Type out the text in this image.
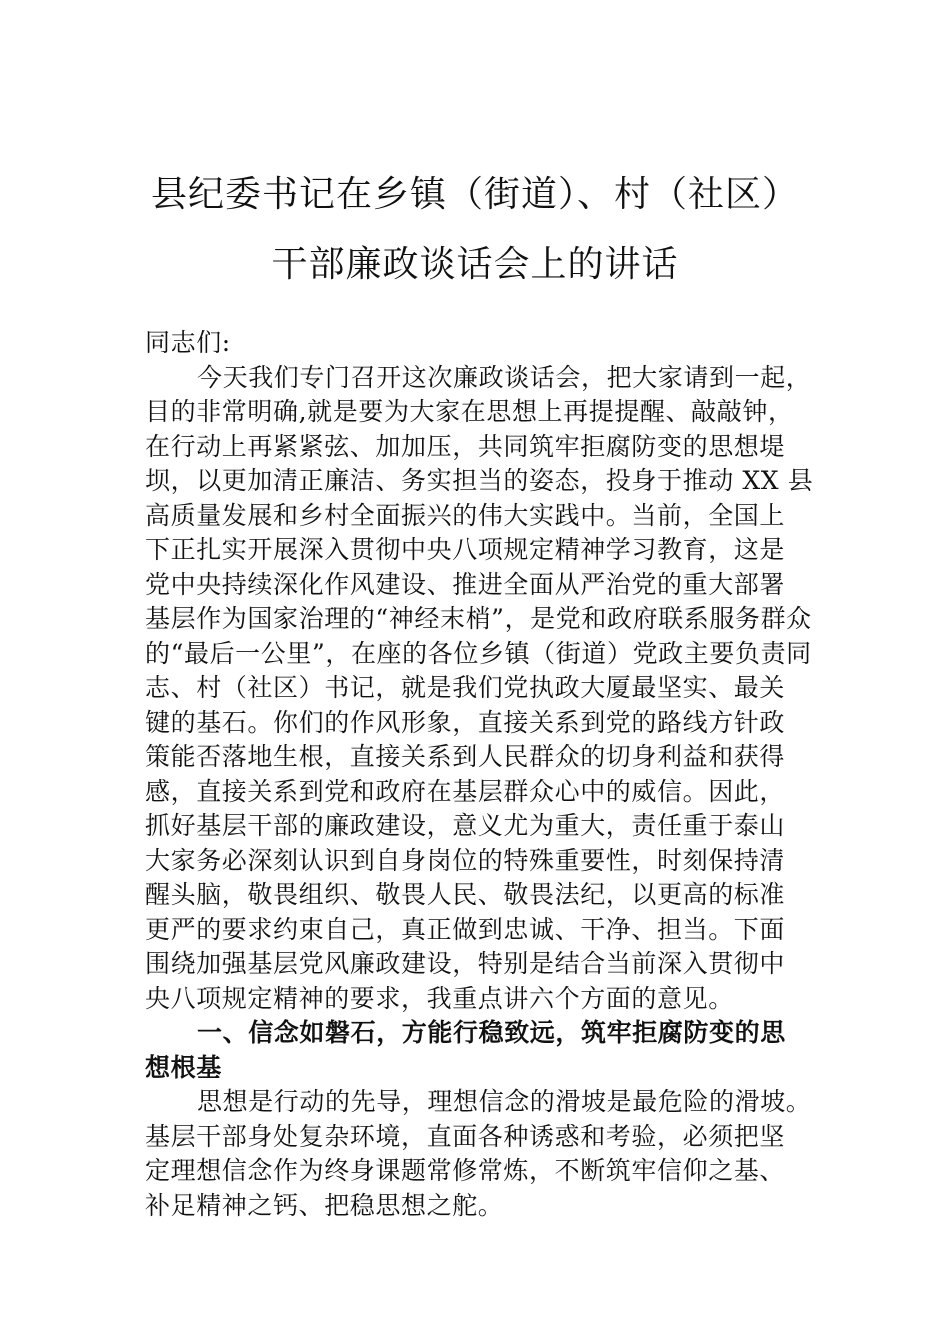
县纪委书记在乡镇（街道）、村（社区）
干部廉政谈话会上的讲话
同志们:
今天我们专门召开这次廉政谈话会，把大家请到一起，
目的非常明确,就是要为大家在思想上再提提醒、敲敲钟，
在行动上再紧紧弦、加加压，共同筑牢拒腐防变的思想堤
坝，以更加清正廉洁、务实担当的姿态，投身于推动 XX 县
高质量发展和乡村全面振兴的伟大实践中。当前，全国上
下正扎实开展深入贯彻中央八项规定精神学习教育，这是
党中央持续深化作风建设、推进全面从严治党的重大部署
基层作为国家治理的“神经末梢”，是党和政府联系服务群众
的“最后一公里”，在座的各位乡镇（街道）党政主要负责同
志、村（社区）书记，就是我们党执政大厦最坚实、最关
键的基石。你们的作风形象，直接关系到党的路线方针政
策能否落地生根，直接关系到人民群众的切身利益和获得
感，直接关系到党和政府在基层群众心中的威信。因此，
抓好基层干部的廉政建设，意义尤为重大，责任重于泰山
大家务必深刻认识到自身岗位的特殊重要性，时刻保持清
醒头脑，敬畏组织、敬畏人民、敬畏法纪，以更高的标准
更严的要求约束自己，真正做到忠诚、干净、担当。下面
围绕加强基层党风廉政建设，特别是结合当前深入贯彻中
央八项规定精神的要求，我重点讲六个方面的意见。
一、信念如磐石，方能行稳致远，筑牢拒腐防变的思
想根基
思想是行动的先导，理想信念的滑坡是最危险的滑坡。
基层干部身处复杂环境，直面各种诱惑和考验，必须把坚
定理想信念作为终身课题常修常炼，不断筑牢信仰之基、
补足精神之钙、把稳思想之舵。
